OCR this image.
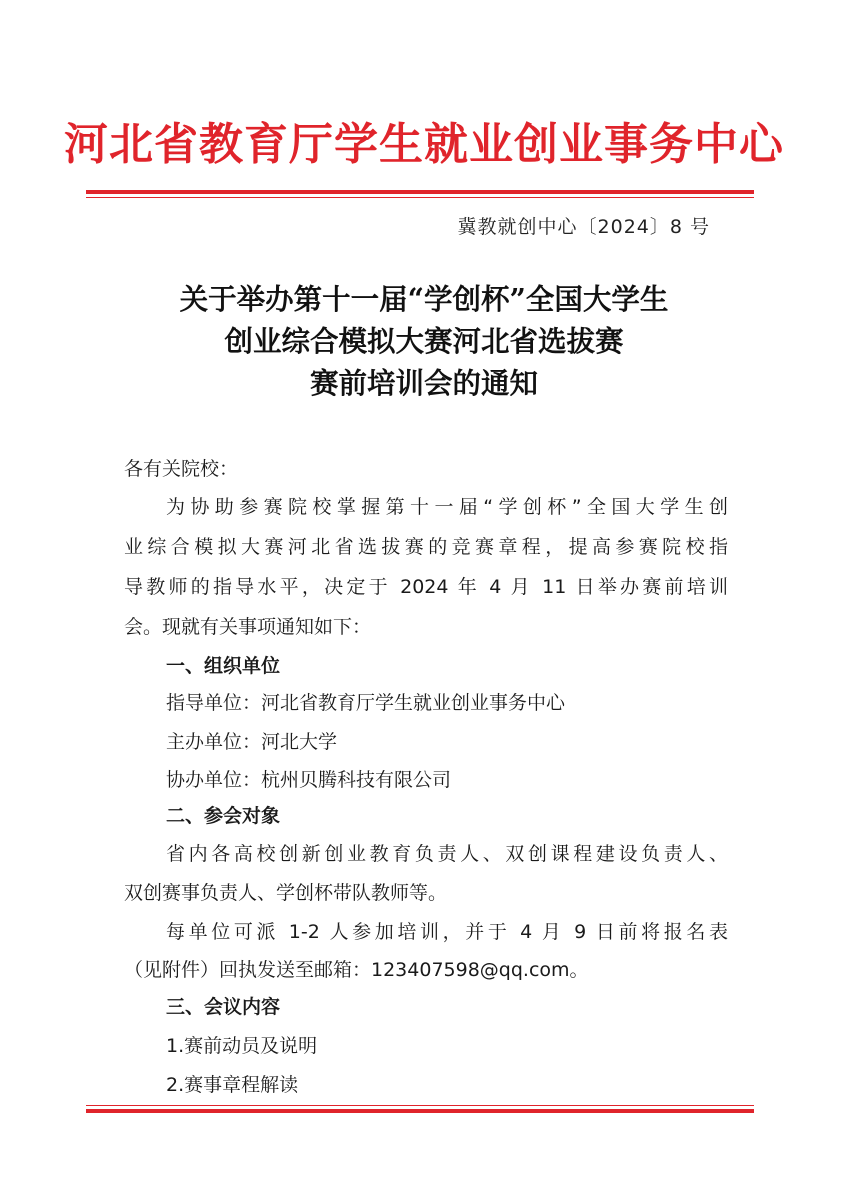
河北省教育厅学生就业创业事务中心
冀教就创中心〔2024〕8 号
关于举办第十一届“学创杯”全国大学生
创业综合模拟大赛河北省选拔赛
赛前培训会的通知
各有关院校：
为协助参赛院校掌握第十一届“学创杯”全国大学生创
业综合模拟大赛河北省选拔赛的竞赛章程，提高参赛院校指
导教师的指导水平，决定于 2024 年 4 月 11 日举办赛前培训
会。现就有关事项通知如下：
一、组织单位
指导单位：河北省教育厅学生就业创业事务中心
主办单位：河北大学
协办单位：杭州贝腾科技有限公司
二、参会对象
省内各高校创新创业教育负责人、双创课程建设负责人、
双创赛事负责人、学创杯带队教师等。
每单位可派 1-2 人参加培训，并于 4 月 9 日前将报名表
（见附件）回执发送至邮箱：123407598@qq.com。
三、会议内容
1.赛前动员及说明
2.赛事章程解读
